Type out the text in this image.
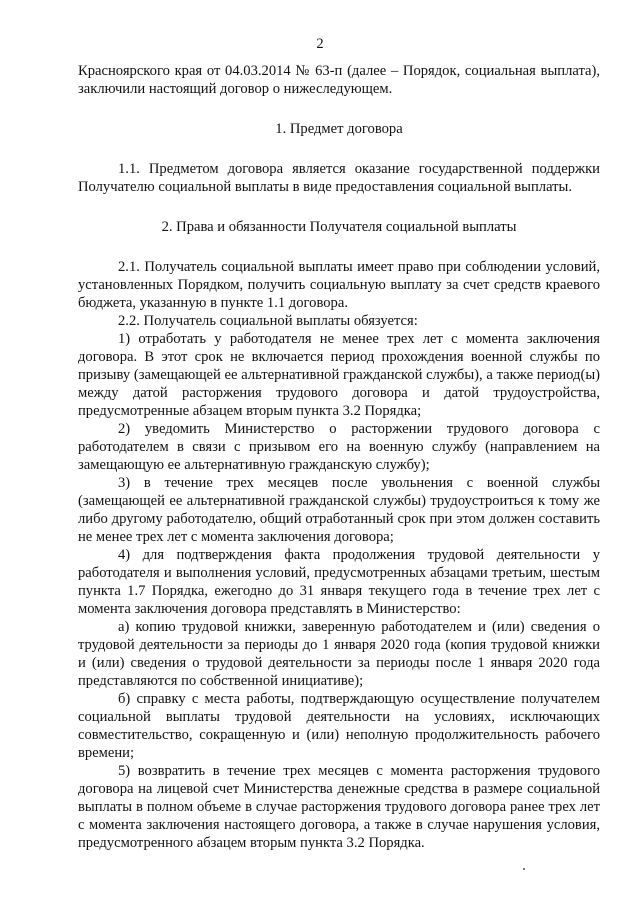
2

Красноярского края от 04.03.2014 № 63-п (далее – Порядок, социальная выплата), заключили настоящий договор о нижеследующем.

1. Предмет договора

1.1. Предметом договора является оказание государственной поддержки Получателю социальной выплаты в виде предоставления социальной выплаты.

2. Права и обязанности Получателя социальной выплаты

2.1. Получатель социальной выплаты имеет право при соблюдении условий, установленных Порядком, получить социальную выплату за счет средств краевого бюджета, указанную в пункте 1.1 договора.

2.2. Получатель социальной выплаты обязуется:

1) отработать у работодателя не менее трех лет с момента заключения договора. В этот срок не включается период прохождения военной службы по призыву (замещающей ее альтернативной гражданской службы), а также период(ы) между датой расторжения трудового договора и датой трудоустройства, предусмотренные абзацем вторым пункта 3.2 Порядка;

2) уведомить Министерство о расторжении трудового договора с работодателем в связи с призывом его на военную службу (направлением на замещающую ее альтернативную гражданскую службу);

3) в течение трех месяцев после увольнения с военной службы (замещающей ее альтернативной гражданской службы) трудоустроиться к тому же либо другому работодателю, общий отработанный срок при этом должен составить не менее трех лет с момента заключения договора;

4) для подтверждения факта продолжения трудовой деятельности у работодателя и выполнения условий, предусмотренных абзацами третьим, шестым пункта 1.7 Порядка, ежегодно до 31 января текущего года в течение трех лет с момента заключения договора представлять в Министерство:

а) копию трудовой книжки, заверенную работодателем и (или) сведения о трудовой деятельности за периоды до 1 января 2020 года (копия трудовой книжки и (или) сведения о трудовой деятельности за периоды после 1 января 2020 года представляются по собственной инициативе);

б) справку с места работы, подтверждающую осуществление получателем социальной выплаты трудовой деятельности на условиях, исключающих совместительство, сокращенную и (или) неполную продолжительность рабочего времени;

5) возвратить в течение трех месяцев с момента расторжения трудового договора на лицевой счет Министерства денежные средства в размере социальной выплаты в полном объеме в случае расторжения трудового договора ранее трех лет с момента заключения настоящего договора, а также в случае нарушения условия, предусмотренного абзацем вторым пункта 3.2 Порядка.
